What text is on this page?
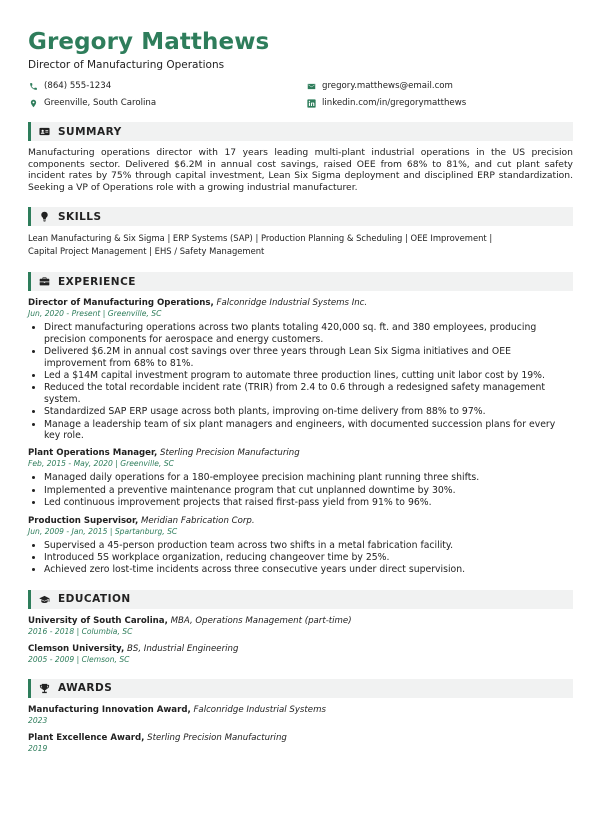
Gregory Matthews
Director of Manufacturing Operations
(864) 555-1234	gregory.matthews@email.com
Greenville, South Carolina	linkedin.com/in/gregorymatthews
SUMMARY
Manufacturing operations director with 17 years leading multi-plant industrial operations in the US precision components sector. Delivered $6.2M in annual cost savings, raised OEE from 68% to 81%, and cut plant safety incident rates by 75% through capital investment, Lean Six Sigma deployment and disciplined ERP standardization. Seeking a VP of Operations role with a growing industrial manufacturer.
SKILLS
Lean Manufacturing & Six Sigma | ERP Systems (SAP) | Production Planning & Scheduling | OEE Improvement |
Capital Project Management | EHS / Safety Management
EXPERIENCE
Director of Manufacturing Operations, Falconridge Industrial Systems Inc.
Jun, 2020 - Present | Greenville, SC
• Direct manufacturing operations across two plants totaling 420,000 sq. ft. and 380 employees, producing precision components for aerospace and energy customers.
• Delivered $6.2M in annual cost savings over three years through Lean Six Sigma initiatives and OEE improvement from 68% to 81%.
• Led a $14M capital investment program to automate three production lines, cutting unit labor cost by 19%.
• Reduced the total recordable incident rate (TRIR) from 2.4 to 0.6 through a redesigned safety management system.
• Standardized SAP ERP usage across both plants, improving on-time delivery from 88% to 97%.
• Manage a leadership team of six plant managers and engineers, with documented succession plans for every key role.
Plant Operations Manager, Sterling Precision Manufacturing
Feb, 2015 - May, 2020 | Greenville, SC
• Managed daily operations for a 180-employee precision machining plant running three shifts.
• Implemented a preventive maintenance program that cut unplanned downtime by 30%.
• Led continuous improvement projects that raised first-pass yield from 91% to 96%.
Production Supervisor, Meridian Fabrication Corp.
Jun, 2009 - Jan, 2015 | Spartanburg, SC
• Supervised a 45-person production team across two shifts in a metal fabrication facility.
• Introduced 5S workplace organization, reducing changeover time by 25%.
• Achieved zero lost-time incidents across three consecutive years under direct supervision.
EDUCATION
University of South Carolina, MBA, Operations Management (part-time)
2016 - 2018 | Columbia, SC
Clemson University, BS, Industrial Engineering
2005 - 2009 | Clemson, SC
AWARDS
Manufacturing Innovation Award, Falconridge Industrial Systems
2023
Plant Excellence Award, Sterling Precision Manufacturing
2019
